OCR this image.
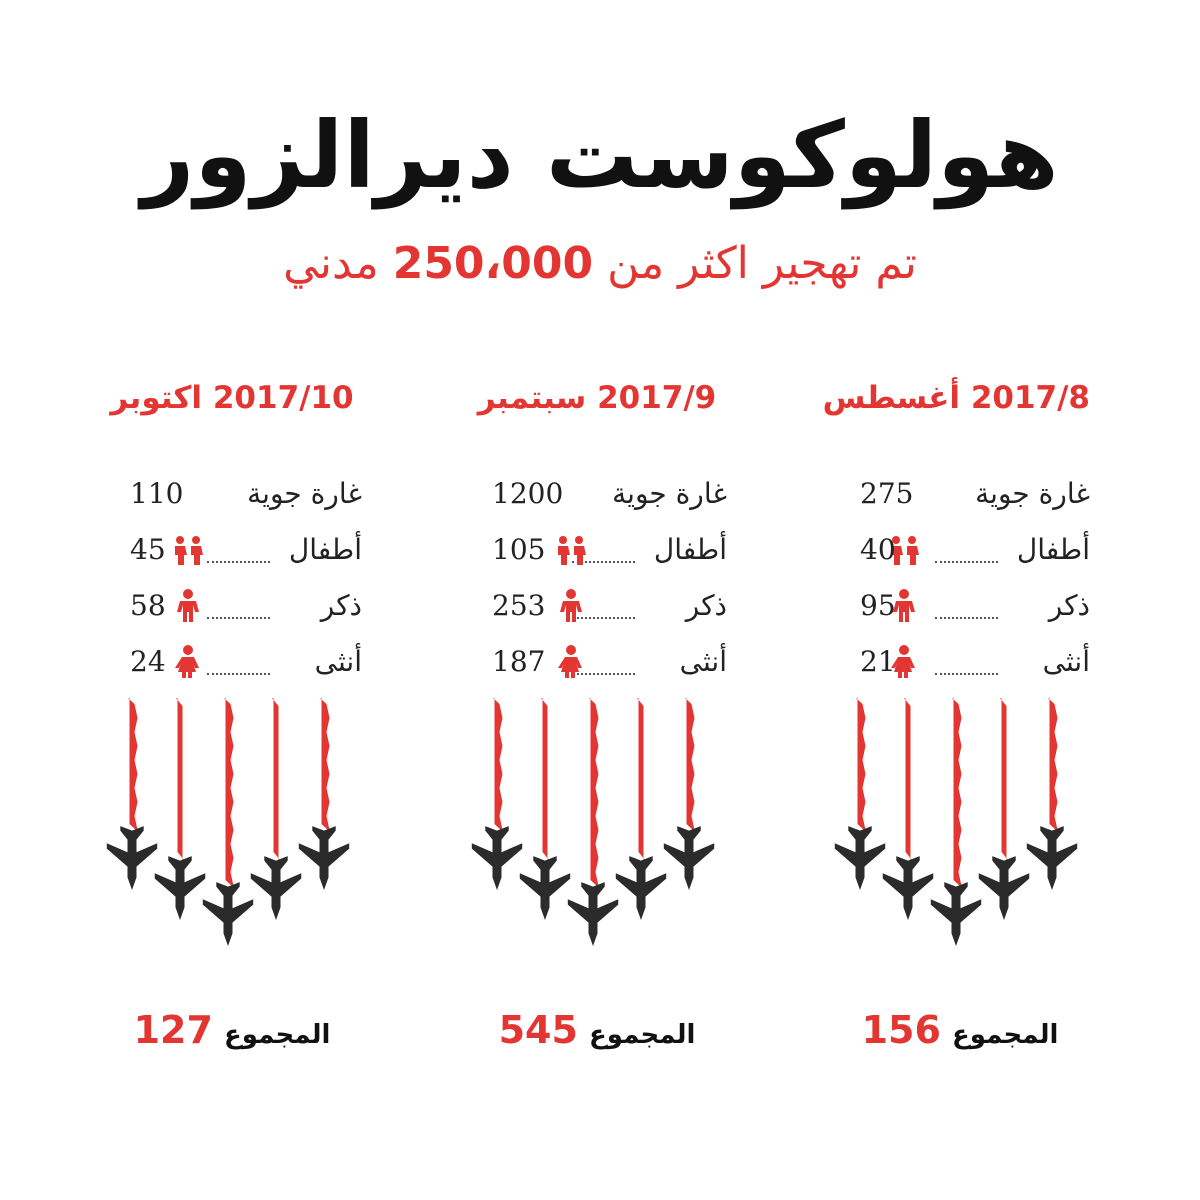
هولوكوست ديرالزور
تم تهجير اكثر من 250،000 مدني
2017/8 أغسطس
غارة جوية
275
أطفال
40
ذكر
95
أنثى
21
المجموع 156
2017/9 سبتمبر
غارة جوية
1200
أطفال
105
ذكر
253
أنثى
187
المجموع 545
2017/10 اكتوبر
غارة جوية
110
أطفال
45
ذكر
58
أنثى
24
المجموع 127
